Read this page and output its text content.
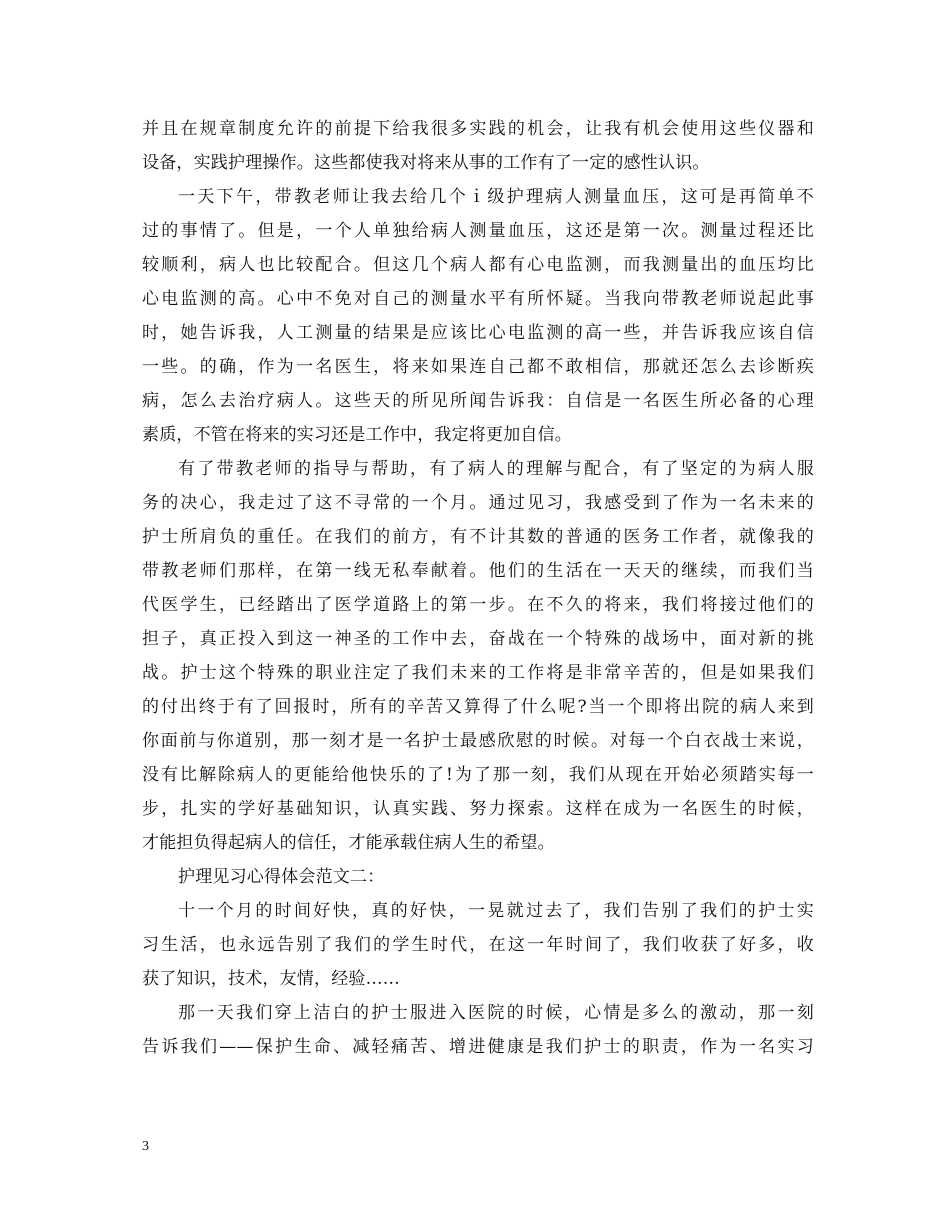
并且在规章制度允许的前提下给我很多实践的机会，让我有机会使用这些仪器和
设备，实践护理操作。这些都使我对将来从事的工作有了一定的感性认识。
一天下午，带教老师让我去给几个ｉ级护理病人测量血压，这可是再简单不
过的事情了。但是，一个人单独给病人测量血压，这还是第一次。测量过程还比
较顺利，病人也比较配合。但这几个病人都有心电监测，而我测量出的血压均比
心电监测的高。心中不免对自己的测量水平有所怀疑。当我向带教老师说起此事
时，她告诉我，人工测量的结果是应该比心电监测的高一些，并告诉我应该自信
一些。的确，作为一名医生，将来如果连自己都不敢相信，那就还怎么去诊断疾
病，怎么去治疗病人。这些天的所见所闻告诉我：自信是一名医生所必备的心理
素质，不管在将来的实习还是工作中，我定将更加自信。
有了带教老师的指导与帮助，有了病人的理解与配合，有了坚定的为病人服
务的决心，我走过了这不寻常的一个月。通过见习，我感受到了作为一名未来的
护士所肩负的重任。在我们的前方，有不计其数的普通的医务工作者，就像我的
带教老师们那样，在第一线无私奉献着。他们的生活在一天天的继续，而我们当
代医学生，已经踏出了医学道路上的第一步。在不久的将来，我们将接过他们的
担子，真正投入到这一神圣的工作中去，奋战在一个特殊的战场中，面对新的挑
战。护士这个特殊的职业注定了我们未来的工作将是非常辛苦的，但是如果我们
的付出终于有了回报时，所有的辛苦又算得了什么呢?当一个即将出院的病人来到
你面前与你道别，那一刻才是一名护士最感欣慰的时候。对每一个白衣战士来说，
没有比解除病人的更能给他快乐的了!为了那一刻，我们从现在开始必须踏实每一
步，扎实的学好基础知识，认真实践、努力探索。这样在成为一名医生的时候，
才能担负得起病人的信任，才能承载住病人生的希望。
护理见习心得体会范文二：
十一个月的时间好快，真的好快，一晃就过去了，我们告别了我们的护士实
习生活，也永远告别了我们的学生时代，在这一年时间了，我们收获了好多，收
获了知识，技术，友情，经验……
那一天我们穿上洁白的护士服进入医院的时候，心情是多么的激动，那一刻
告诉我们——保护生命、减轻痛苦、增进健康是我们护士的职责，作为一名实习
3
